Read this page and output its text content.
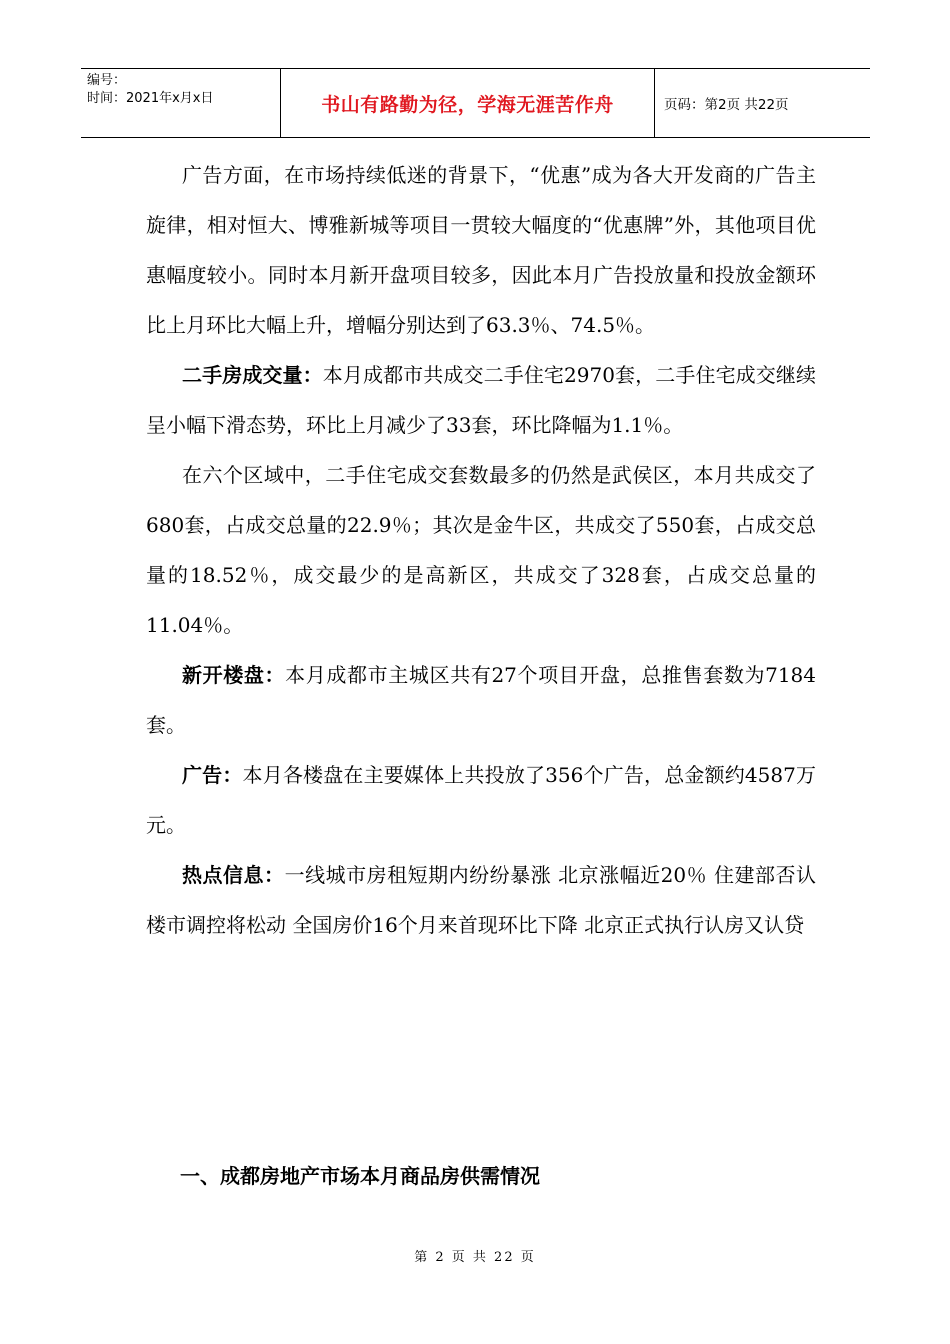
编号：
时间：2021年x月x日	书山有路勤为径，学海无涯苦作舟	页码：第2页 共22页

广告方面，在市场持续低迷的背景下，“优惠”成为各大开发商的广告主旋律，相对恒大、博雅新城等项目一贯较大幅度的“优惠牌”外，其他项目优惠幅度较小。同时本月新开盘项目较多，因此本月广告投放量和投放金额环比上月环比大幅上升，增幅分别达到了63.3％、74.5％。

二手房成交量：本月成都市共成交二手住宅2970套，二手住宅成交继续呈小幅下滑态势，环比上月减少了33套，环比降幅为1.1％。

在六个区域中，二手住宅成交套数最多的仍然是武侯区，本月共成交了680套，占成交总量的22.9％；其次是金牛区，共成交了550套，占成交总量的18.52％，成交最少的是高新区，共成交了328套，占成交总量的11.04％。

新开楼盘：本月成都市主城区共有27个项目开盘，总推售套数为7184套。

广告：本月各楼盘在主要媒体上共投放了356个广告，总金额约4587万元。

热点信息：一线城市房租短期内纷纷暴涨 北京涨幅近20％ 住建部否认楼市调控将松动 全国房价16个月来首现环比下降 北京正式执行认房又认贷

一、成都房地产市场本月商品房供需情况
第 2 页 共 22 页
